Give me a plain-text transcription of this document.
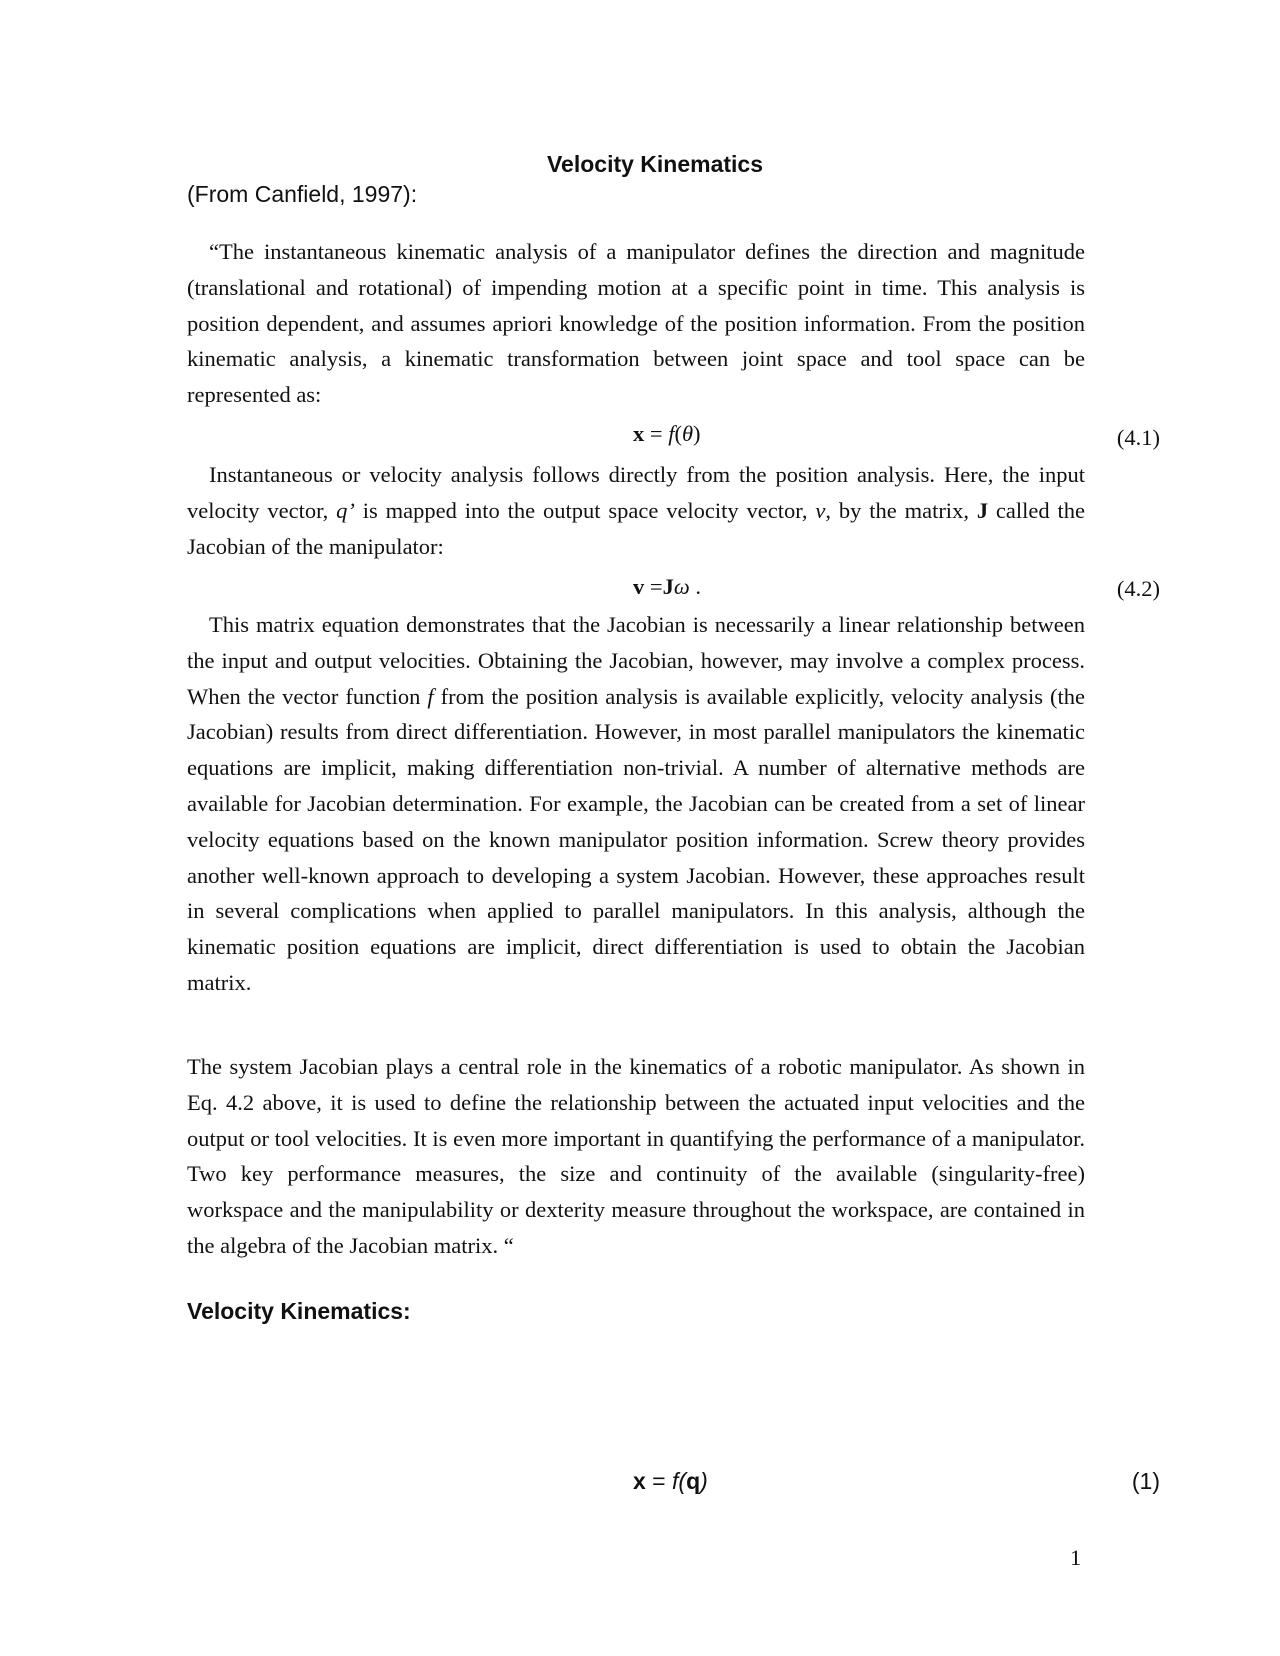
Velocity Kinematics
(From Canfield, 1997):

“The instantaneous kinematic analysis of a manipulator defines the direction and magnitude (translational and rotational) of impending motion at a specific point in time. This analysis is position dependent, and assumes apriori knowledge of the position information. From the position kinematic analysis, a kinematic transformation between joint space and tool space can be represented as:

x = f(θ)	(4.1)

Instantaneous or velocity analysis follows directly from the position analysis. Here, the input velocity vector, q’ is mapped into the output space velocity vector, v, by the matrix, J called the Jacobian of the manipulator:

v =Jω .	(4.2)

This matrix equation demonstrates that the Jacobian is necessarily a linear relationship between the input and output velocities. Obtaining the Jacobian, however, may involve a complex process. When the vector function f from the position analysis is available explicitly, velocity analysis (the Jacobian) results from direct differentiation. However, in most parallel manipulators the kinematic equations are implicit, making differentiation non-trivial. A number of alternative methods are available for Jacobian determination. For example, the Jacobian can be created from a set of linear velocity equations based on the known manipulator position information. Screw theory provides another well-known approach to developing a system Jacobian. However, these approaches result in several complications when applied to parallel manipulators. In this analysis, although the kinematic position equations are implicit, direct differentiation is used to obtain the Jacobian matrix.

The system Jacobian plays a central role in the kinematics of a robotic manipulator. As shown in Eq. 4.2 above, it is used to define the relationship between the actuated input velocities and the output or tool velocities. It is even more important in quantifying the performance of a manipulator. Two key performance measures, the size and continuity of the available (singularity-free) workspace and the manipulability or dexterity measure throughout the workspace, are contained in the algebra of the Jacobian matrix. “

Velocity Kinematics:
x = f(q)	(1)
1
